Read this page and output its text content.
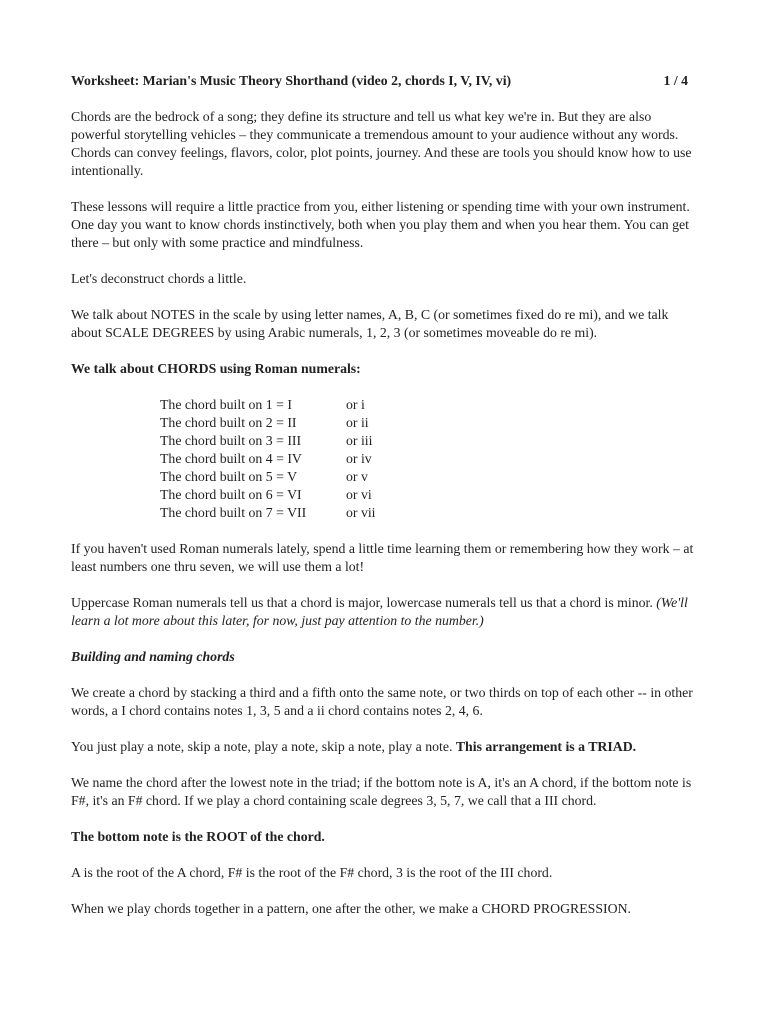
Worksheet: Marian's Music Theory Shorthand (video 2, chords I, V, IV, vi)	1 / 4

Chords are the bedrock of a song; they define its structure and tell us what key we're in. But they are also powerful storytelling vehicles – they communicate a tremendous amount to your audience without any words. Chords can convey feelings, flavors, color, plot points, journey. And these are tools you should know how to use intentionally.

These lessons will require a little practice from you, either listening or spending time with your own instrument. One day you want to know chords instinctively, both when you play them and when you hear them. You can get there – but only with some practice and mindfulness.

Let's deconstruct chords a little.

We talk about NOTES in the scale by using letter names, A, B, C (or sometimes fixed do re mi), and we talk about SCALE DEGREES by using Arabic numerals, 1, 2, 3 (or sometimes moveable do re mi).

We talk about CHORDS using Roman numerals:

The chord built on 1 = I	or i
The chord built on 2 = II	or ii
The chord built on 3 = III	or iii
The chord built on 4 = IV	or iv
The chord built on 5 = V	or v
The chord built on 6 = VI	or vi
The chord built on 7 = VII	or vii

If you haven't used Roman numerals lately, spend a little time learning them or remembering how they work – at least numbers one thru seven, we will use them a lot!

Uppercase Roman numerals tell us that a chord is major, lowercase numerals tell us that a chord is minor. (We'll learn a lot more about this later, for now, just pay attention to the number.)

Building and naming chords

We create a chord by stacking a third and a fifth onto the same note, or two thirds on top of each other -- in other words, a I chord contains notes 1, 3, 5 and a ii chord contains notes 2, 4, 6.

You just play a note, skip a note, play a note, skip a note, play a note. This arrangement is a TRIAD.

We name the chord after the lowest note in the triad; if the bottom note is A, it's an A chord, if the bottom note is F#, it's an F# chord. If we play a chord containing scale degrees 3, 5, 7, we call that a III chord.

The bottom note is the ROOT of the chord.

A is the root of the A chord, F# is the root of the F# chord, 3 is the root of the III chord.

When we play chords together in a pattern, one after the other, we make a CHORD PROGRESSION.
